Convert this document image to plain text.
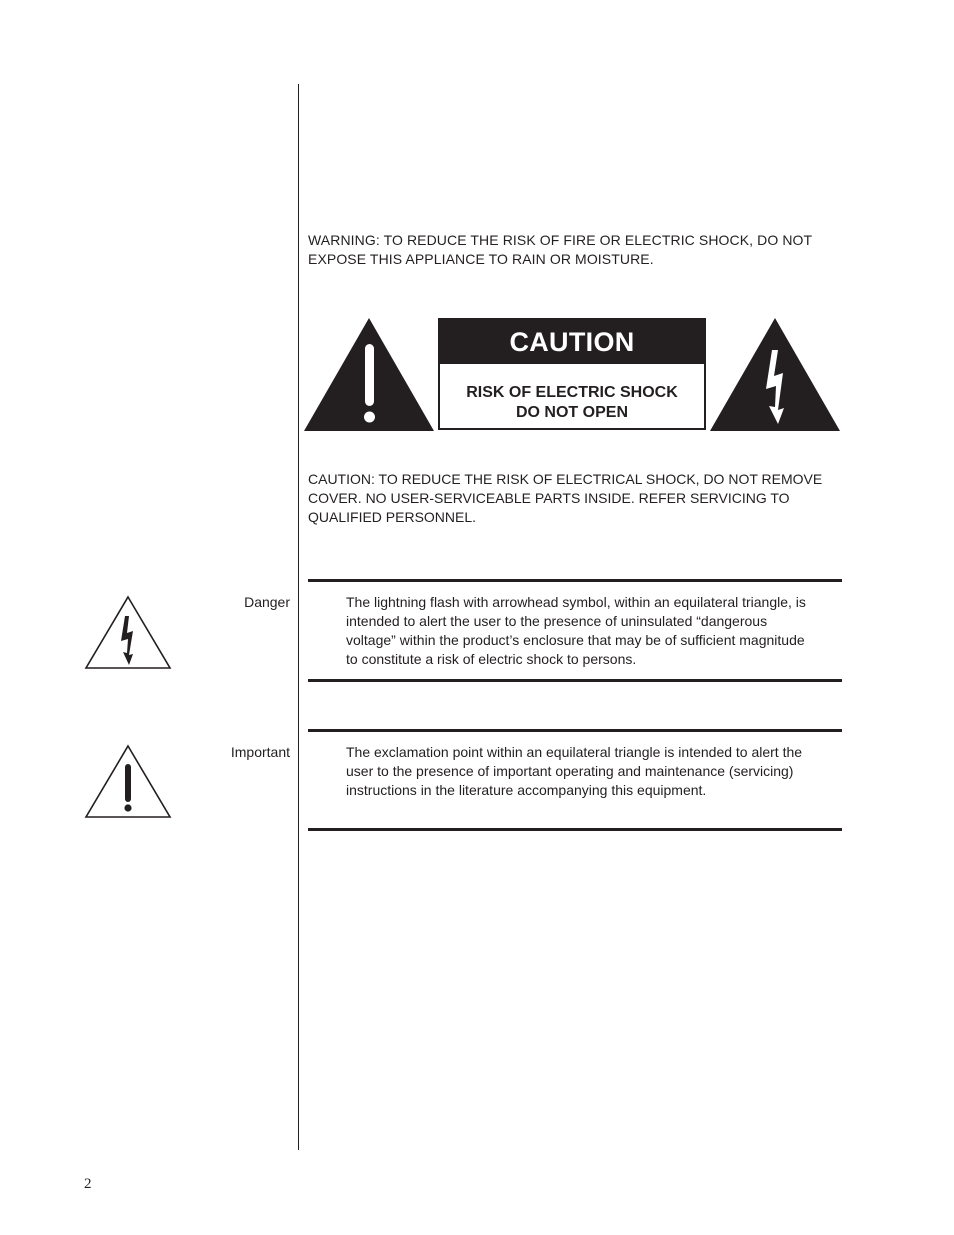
WARNING: TO REDUCE THE RISK OF FIRE OR ELECTRIC SHOCK, DO NOT EXPOSE THIS APPLIANCE TO RAIN OR MOISTURE.
CAUTION
RISK OF ELECTRIC SHOCK
DO NOT OPEN
CAUTION: TO REDUCE THE RISK OF ELECTRICAL SHOCK, DO NOT REMOVE COVER. NO USER-SERVICEABLE PARTS INSIDE. REFER SERVICING TO QUALIFIED PERSONNEL.
Danger	The lightning flash with arrowhead symbol, within an equilateral triangle, is intended to alert the user to the presence of uninsulated “dangerous voltage” within the product’s enclosure that may be of sufficient magnitude to constitute a risk of electric shock to persons.
Important	The exclamation point within an equilateral triangle is intended to alert the user to the presence of important operating and maintenance (servicing) instructions in the literature accompanying this equipment.
2
